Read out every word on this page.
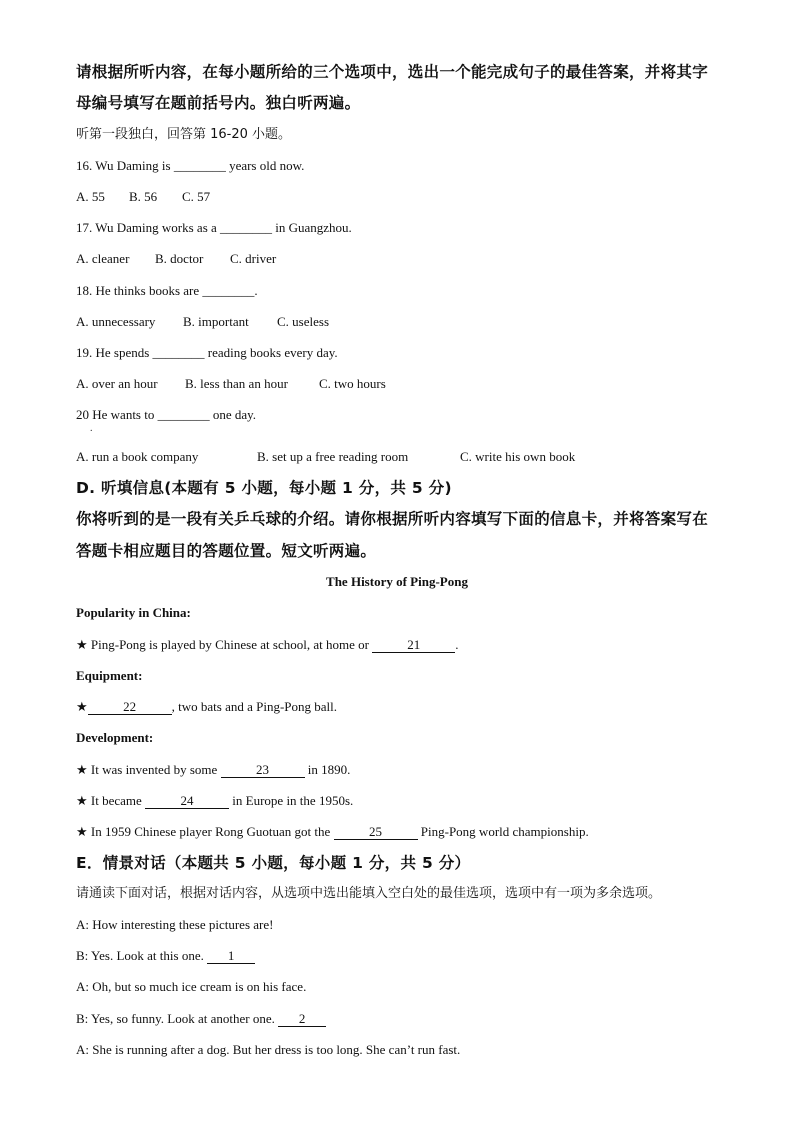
请根据所听内容，在每小题所给的三个选项中，选出一个能完成句子的最佳答案，并将其字
母编号填写在题前括号内。独白听两遍。
听第一段独白，回答第 16-20 小题。
16. Wu Daming is ________ years old now.
A. 55 B. 56 C. 57
17. Wu Daming works as a ________ in Guangzhou.
A. cleaner B. doctor C. driver
18. He thinks books are ________.
A. unnecessary B. important C. useless
19. He spends ________ reading books every day.
A. over an hour B. less than an hour C. two hours
20 He wants to ________ one day.
.
A. run a book company	B. set up a free reading room	C. write his own book
D. 听填信息(本题有 5 小题，每小题 1 分，共 5 分)
你将听到的是一段有关乒乓球的介绍。请你根据所听内容填写下面的信息卡，并将答案写在
答题卡相应题目的答题位置。短文听两遍。
The History of Ping-Pong
Popularity in China:
★ Ping-Pong is played by Chinese at school, at home or	21	.
Equipment:
★	22	, two bats and a Ping-Pong ball.
Development:
★ It was invented by some	23	in 1890.
★ It became	24	in Europe in the 1950s.
★ In 1959 Chinese player Rong Guotuan got the	25	Ping-Pong world championship.
E．情景对话（本题共 5 小题，每小题 1 分，共 5 分）
请通读下面对话，根据对话内容，从选项中选出能填入空白处的最佳选项，选项中有一项为多余选项。
A: How interesting these pictures are!
B: Yes. Look at this one. 1
A: Oh, but so much ice cream is on his face.
B: Yes, so funny. Look at another one. 2
A: She is running after a dog. But her dress is too long. She can’t run fast.
